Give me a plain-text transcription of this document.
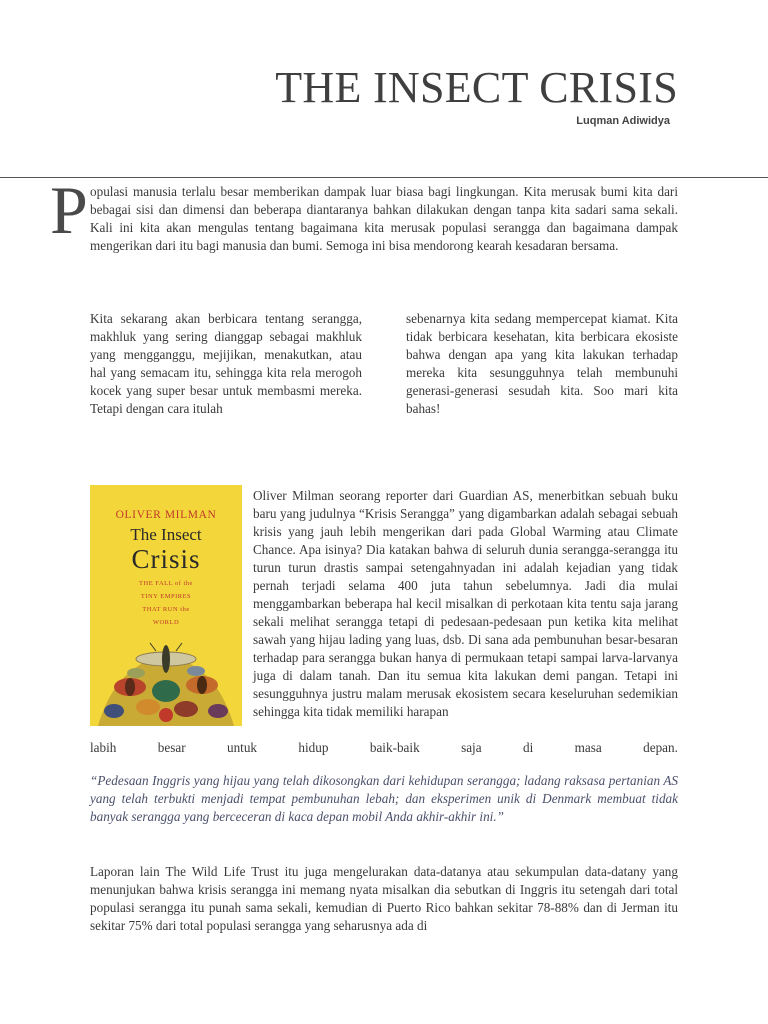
THE INSECT CRISIS
Luqman Adiwidya
P opulasi manusia terlalu besar memberikan dampak luar biasa bagi lingkungan. Kita merusak bumi kita dari bebagai sisi dan dimensi dan beberapa diantaranya bahkan dilakukan dengan tanpa kita sadari sama sekali. Kali ini kita akan mengulas tentang bagaimana kita merusak populasi serangga dan bagaimana dampak mengerikan dari itu bagi manusia dan bumi. Semoga ini bisa mendorong kearah kesadaran bersama.

Kita sekarang akan berbicara tentang serangga, makhluk yang sering dianggap sebagai makhluk yang mengganggu, mejijikan, menakutkan, atau hal yang semacam itu, sehingga kita rela merogoh kocek yang super besar untuk membasmi mereka. Tetapi dengan cara itulah

sebenarnya kita sedang mempercepat kiamat. Kita tidak berbicara kesehatan, kita berbicara ekosiste bahwa dengan apa yang kita lakukan terhadap mereka kita sesungguhnya telah membunuhi generasi-generasi sesudah kita. Soo mari kita bahas!

OLIVER MILMAN
The Insect
Crisis
THE FALL of the
TINY EMPIRES
THAT RUN the
WORLD

Oliver Milman seorang reporter dari Guardian AS, menerbitkan sebuah buku baru yang judulnya “Krisis Serangga” yang digambarkan adalah sebagai sebuah krisis yang jauh lebih mengerikan dari pada Global Warming atau Climate Chance. Apa isinya? Dia katakan bahwa di seluruh dunia serangga-serangga itu turun turun drastis sampai setengahnyadan ini adalah kejadian yang tidak pernah terjadi selama 400 juta tahun sebelumnya. Jadi dia mulai menggambarkan beberapa hal kecil misalkan di perkotaan kita tentu saja jarang sekali melihat serangga tetapi di pedesaan-pedesaan pun ketika kita melihat sawah yang hijau lading yang luas, dsb. Di sana ada pembunuhan besar-besaran terhadap para serangga bukan hanya di permukaan tetapi sampai larva-larvanya juga di dalam tanah. Dan itu semua kita lakukan demi pangan. Tetapi ini sesungguhnya justru malam merusak ekosistem secara keseluruhan sedemikian sehingga kita tidak memiliki harapan

labih	besar	untuk	hidup	baik-baik	saja	di	masa	depan.

“Pedesaan Inggris yang hijau yang telah dikosongkan dari kehidupan serangga; ladang raksasa pertanian AS yang telah terbukti menjadi tempat pembunuhan lebah; dan eksperimen unik di Denmark membuat tidak banyak serangga yang berceceran di kaca depan mobil Anda akhir-akhir ini.”

Laporan lain The Wild Life Trust itu juga mengelurakan data-datanya atau sekumpulan data-datany yang menunjukan bahwa krisis serangga ini memang nyata misalkan dia sebutkan di Inggris itu setengah dari total populasi serangga itu punah sama sekali, kemudian di Puerto Rico bahkan sekitar 78-88% dan di Jerman itu sekitar 75% dari total populasi serangga yang seharusnya ada di
